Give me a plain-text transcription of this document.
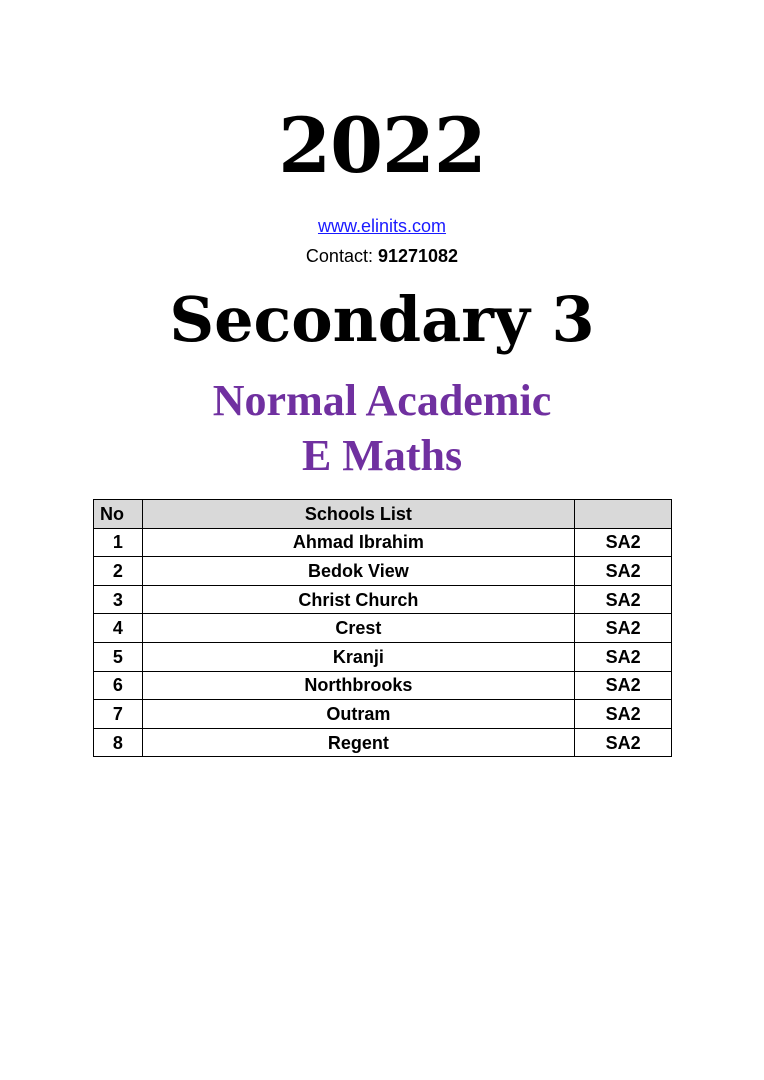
2022
www.elinits.com
Contact: 91271082
Secondary 3
Normal Academic
E Maths
No	Schools List	
1	Ahmad Ibrahim	SA2
2	Bedok View	SA2
3	Christ Church	SA2
4	Crest	SA2
5	Kranji	SA2
6	Northbrooks	SA2
7	Outram	SA2
8	Regent	SA2
